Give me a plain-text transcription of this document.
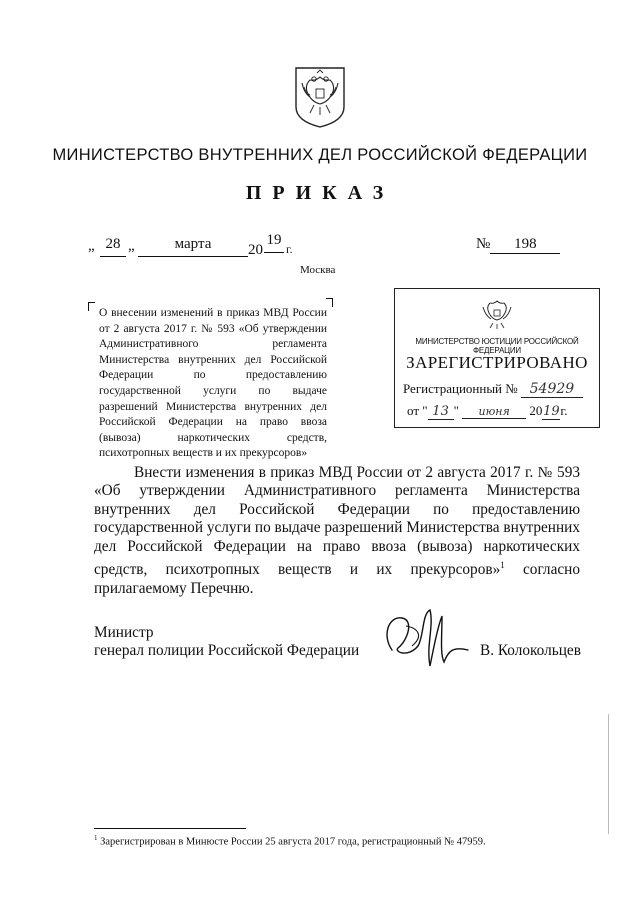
МИНИСТЕРСТВО ВНУТРЕННИХ ДЕЛ РОССИЙСКОЙ ФЕДЕРАЦИИ
ПРИКАЗ
„ 28 „	марта	20
19
г.
Москва
№ 198
О внесении изменений в приказ МВД России от 2 августа 2017 г. № 593 «Об утверждении Административного регламента Министерства внутренних дел Российской Федерации по предоставлению государственной услуги по выдаче разрешений Министерства внутренних дел Российской Федерации на право ввоза (вывоза) наркотических средств, психотропных веществ и их прекурсоров»
МИНИСТЕРСТВО ЮСТИЦИИ РОССИЙСКОЙ ФЕДЕРАЦИИ
ЗАРЕГИСТРИРОВАНО
Регистрационный № 54929
от " 13 " июня 2019г.
Внести изменения в приказ МВД России от 2 августа 2017 г. № 593 «Об утверждении Административного регламента Министерства внутренних дел Российской Федерации по предоставлению государственной услуги по выдаче разрешений Министерства внутренних дел Российской Федерации на право ввоза (вывоза) наркотических средств, психотропных веществ и их прекурсоров»$^1$ согласно прилагаемому Перечню.
Министр
генерал полиции Российской Федерации	В. Колокольцев
$^1$ Зарегистрирован в Минюсте России 25 августа 2017 года, регистрационный № 47959.
